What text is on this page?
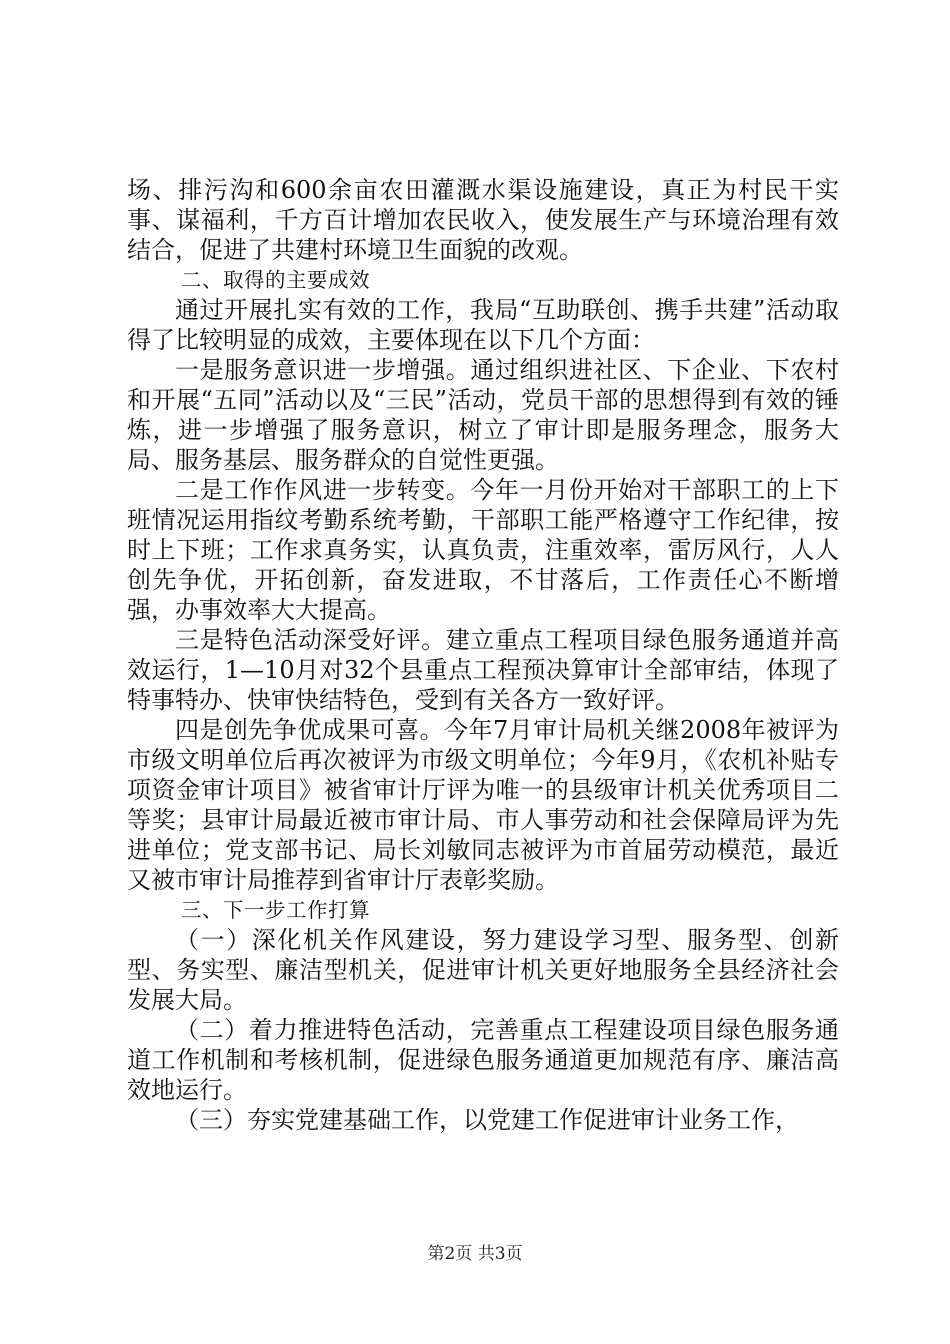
场、排污沟和600余亩农田灌溉水渠设施建设，真正为村民干实事、谋福利，千方百计增加农民收入，使发展生产与环境治理有效结合，促进了共建村环境卫生面貌的改观。

二、取得的主要成效

通过开展扎实有效的工作，我局“互助联创、携手共建”活动取得了比较明显的成效，主要体现在以下几个方面：

一是服务意识进一步增强。通过组织进社区、下企业、下农村和开展“五同”活动以及“三民”活动，党员干部的思想得到有效的锤炼，进一步增强了服务意识，树立了审计即是服务理念，服务大局、服务基层、服务群众的自觉性更强。

二是工作作风进一步转变。今年一月份开始对干部职工的上下班情况运用指纹考勤系统考勤，干部职工能严格遵守工作纪律，按时上下班；工作求真务实，认真负责，注重效率，雷厉风行，人人创先争优，开拓创新，奋发进取，不甘落后，工作责任心不断增强，办事效率大大提高。

三是特色活动深受好评。建立重点工程项目绿色服务通道并高效运行，1—10月对32个县重点工程预决算审计全部审结，体现了特事特办、快审快结特色，受到有关各方一致好评。

四是创先争优成果可喜。今年7月审计局机关继2008年被评为市级文明单位后再次被评为市级文明单位；今年9月，《农机补贴专项资金审计项目》被省审计厅评为唯一的县级审计机关优秀项目二等奖；县审计局最近被市审计局、市人事劳动和社会保障局评为先进单位；党支部书记、局长刘敏同志被评为市首届劳动模范，最近又被市审计局推荐到省审计厅表彰奖励。

三、下一步工作打算

（一）深化机关作风建设，努力建设学习型、服务型、创新型、务实型、廉洁型机关，促进审计机关更好地服务全县经济社会发展大局。

（二）着力推进特色活动，完善重点工程建设项目绿色服务通道工作机制和考核机制，促进绿色服务通道更加规范有序、廉洁高效地运行。

（三）夯实党建基础工作，以党建工作促进审计业务工作，

第2页 共3页
